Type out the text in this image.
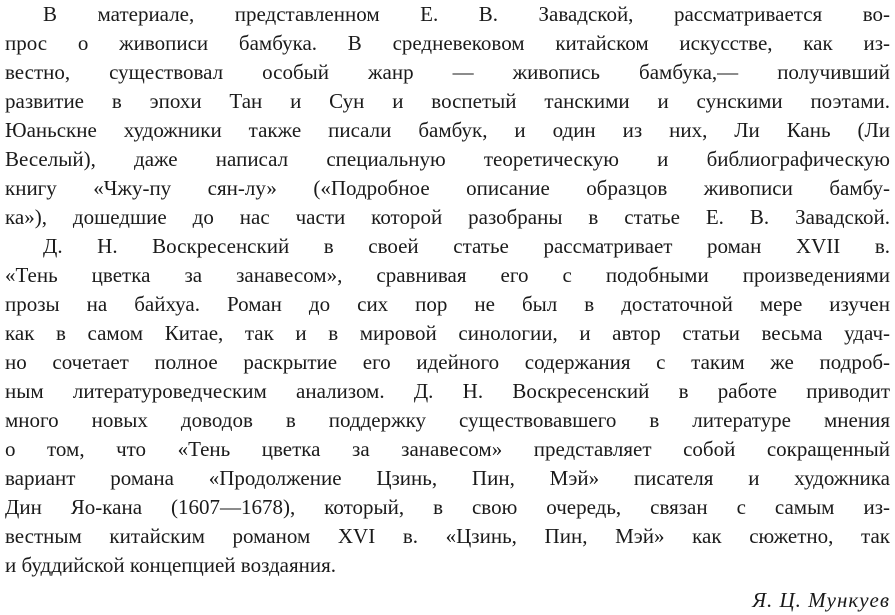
В материале, представленном Е. В. Завадской, рассматривается во-
прос о живописи бамбука. В средневековом китайском искусстве, как из-
вестно, существовал особый жанр — живопись бамбука,— получивший
развитие в эпохи Тан и Сун и воспетый танскими и сунскими поэтами.
Юаньскне художники также писали бамбук, и один из них, Ли Кань (Ли
Веселый), даже написал специальную теоретическую и библиографическую
книгу «Чжу-пу сян-лу» («Подробное описание образцов живописи бамбу-
ка»), дошедшие до нас части которой разобраны в статье Е. В. Завадской.
Д. Н. Воскресенский в своей статье рассматривает роман XVII в.
«Тень цветка за занавесом», сравнивая его с подобными произведениями
прозы на байхуа. Роман до сих пор не был в достаточной мере изучен
как в самом Китае, так и в мировой синологии, и автор статьи весьма удач-
но сочетает полное раскрытие его идейного содержания с таким же подроб-
ным литературоведческим анализом. Д. Н. Воскресенский в работе приводит
много новых доводов в поддержку существовавшего в литературе мнения
о том, что «Тень цветка за занавесом» представляет собой сокращенный
вариант романа «Продолжение Цзинь, Пин, Мэй» писателя и художника
Дин Яо-кана (1607—1678), который, в свою очередь, связан с самым из-
вестным китайским романом XVI в. «Цзинь, Пин, Мэй» как сюжетно, так
и буддийской концепцией воздаяния.
Я. Ц. Мункуев
